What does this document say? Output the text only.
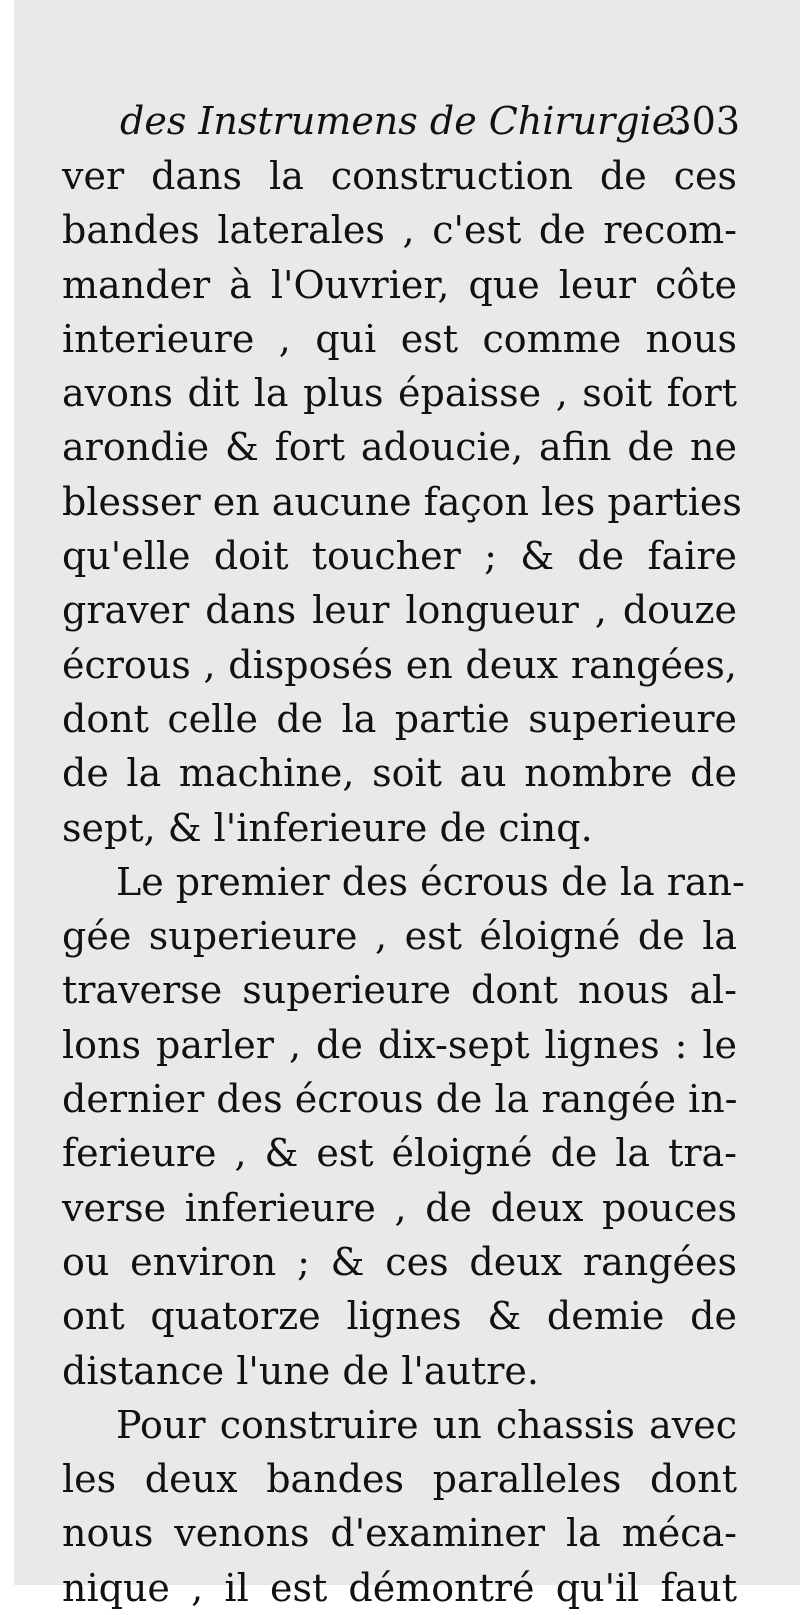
des Instrumens de Chirurgie.
303
ver dans la construction de ces
bandes laterales , c'est de recom-
mander à l'Ouvrier, que leur côte
interieure , qui est comme nous
avons dit la plus épaisse , soit fort
arondie & fort adoucie, afin de ne
blesser en aucune façon les parties
qu'elle doit toucher ; & de faire
graver dans leur longueur , douze
écrous , disposés en deux rangées,
dont celle de la partie superieure
de la machine, soit au nombre de
sept, & l'inferieure de cinq.
Le premier des écrous de la ran-
gée superieure , est éloigné de la
traverse superieure dont nous al-
lons parler , de dix-sept lignes : le
dernier des écrous de la rangée in-
ferieure , & est éloigné de la tra-
verse inferieure , de deux pouces
ou environ ; & ces deux rangées
ont quatorze lignes & demie de
distance l'une de l'autre.
Pour construire un chassis avec
les deux bandes paralleles dont
nous venons d'examiner la méca-
nique , il est démontré qu'il faut
